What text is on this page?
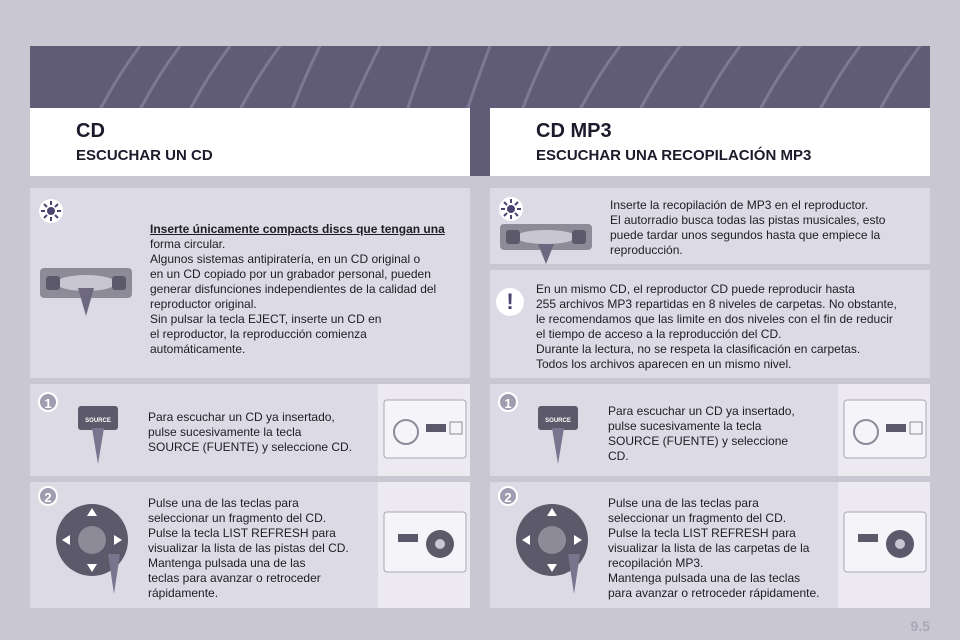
CD
ESCUCHAR UN CD
CD MP3
ESCUCHAR UNA RECOPILACIÓN MP3

Inserte únicamente compacts discs que tengan una

forma circular.

Algunos sistemas antipiratería, en un CD original o

en un CD copiado por un grabador personal, pueden

generar disfunciones independientes de la calidad del

reproductor original.

Sin pulsar la tecla EJECT, inserte un CD en

el reproductor, la reproducción comienza

automáticamente.

1
SOURCE	Para escuchar un CD ya insertado,

pulse sucesivamente la tecla

SOURCE (FUENTE) y seleccione CD.

2	Pulse una de las teclas para

seleccionar un fragmento del CD.

Pulse la tecla LIST REFRESH para

visualizar la lista de las pistas del CD.

Mantenga pulsada una de las

teclas para avanzar o retroceder

rápidamente.

Inserte la recopilación de MP3 en el reproductor.

El autorradio busca todas las pistas musicales, esto

puede tardar unos segundos hasta que empiece la

reproducción.

!	En un mismo CD, el reproductor CD puede reproducir hasta

255 archivos MP3 repartidas en 8 niveles de carpetas. No obstante,

le recomendamos que las limite en dos niveles con el fin de reducir

el tiempo de acceso a la reproducción del CD.

Durante la lectura, no se respeta la clasificación en carpetas.

Todos los archivos aparecen en un mismo nivel.

1
SOURCE

Para escuchar un CD ya insertado,

pulse sucesivamente la tecla

SOURCE (FUENTE) y seleccione

CD.

2	Pulse una de las teclas para

seleccionar un fragmento del CD.

Pulse la tecla LIST REFRESH para

visualizar la lista de las carpetas de la

recopilación MP3.

Mantenga pulsada una de las teclas

para avanzar o retroceder rápidamente.

9.5
